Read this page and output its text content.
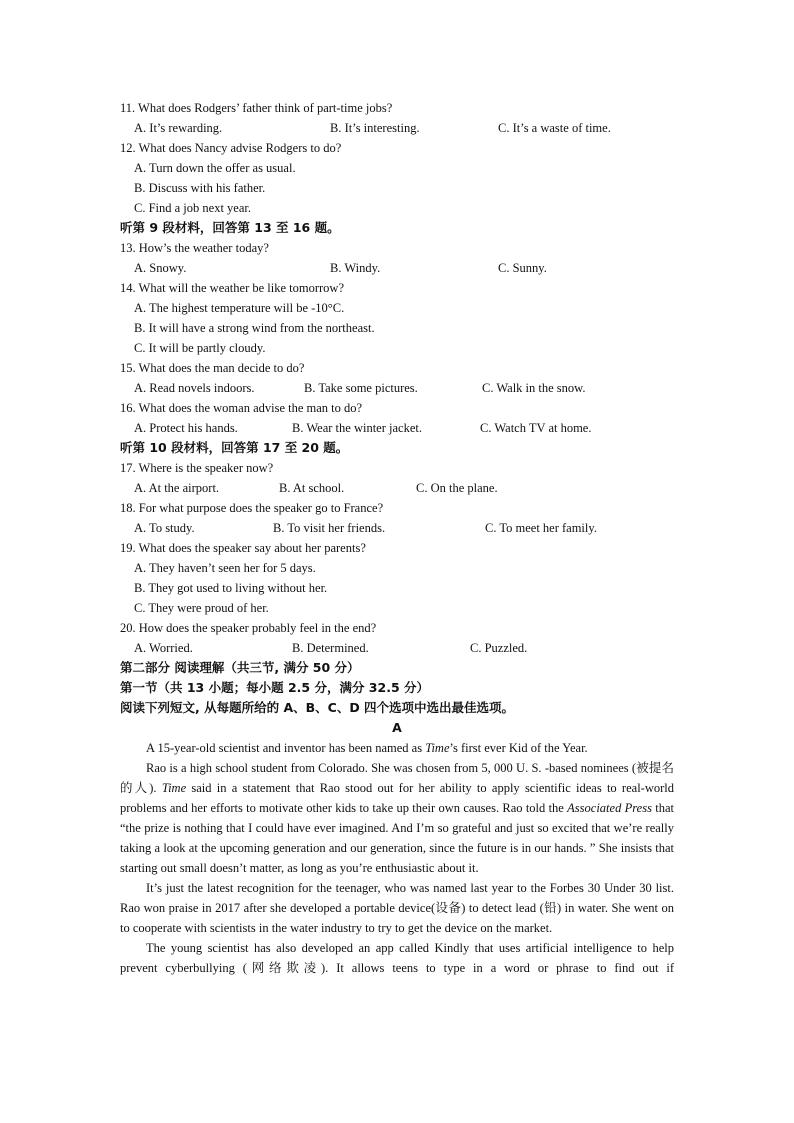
11. What does Rodgers’ father think of part-time jobs?
A. It’s rewarding.	B. It’s interesting.	C. It’s a waste of time.
12. What does Nancy advise Rodgers to do?
A. Turn down the offer as usual.
B. Discuss with his father.
C. Find a job next year.
听第 9 段材料，回答第 13 至 16 题。
13. How’s the weather today?
A. Snowy.	B. Windy.	C. Sunny.
14. What will the weather be like tomorrow?
A. The highest temperature will be -10°C.
B. It will have a strong wind from the northeast.
C. It will be partly cloudy.
15. What does the man decide to do?
A. Read novels indoors.	B. Take some pictures.	C. Walk in the snow.
16. What does the woman advise the man to do?
A. Protect his hands.	B. Wear the winter jacket.	C. Watch TV at home.
听第 10 段材料，回答第 17 至 20 题。
17. Where is the speaker now?
A. At the airport.	B. At school.	C. On the plane.
18. For what purpose does the speaker go to France?
A. To study.	B. To visit her friends.	C. To meet her family.
19. What does the speaker say about her parents?
A. They haven’t seen her for 5 days.
B. They got used to living without her.
C. They were proud of her.
20. How does the speaker probably feel in the end?
A. Worried.	B. Determined.	C. Puzzled.
第二部分 阅读理解（共三节, 满分 50 分）
第一节（共 13 小题；每小题 2.5 分，满分 32.5 分）
阅读下列短文, 从每题所给的 A、B、C、D 四个选项中选出最佳选项。
A

A 15-year-old scientist and inventor has been named as Time’s first ever Kid of the Year.

Rao is a high school student from Colorado. She was chosen from 5, 000 U. S. -based nominees (被提名的人). Time said in a statement that Rao stood out for her ability to apply scientific ideas to real-world problems and her efforts to motivate other kids to take up their own causes. Rao told the Associated Press that “the prize is nothing that I could have ever imagined. And I’m so grateful and just so excited that we’re really taking a look at the upcoming generation and our generation, since the future is in our hands. ” She insists that starting out small doesn’t matter, as long as you’re enthusiastic about it.

It’s just the latest recognition for the teenager, who was named last year to the Forbes 30 Under 30 list. Rao won praise in 2017 after she developed a portable device(设备) to detect lead (铅) in water. She went on to cooperate with scientists in the water industry to try to get the device on the market.

The young scientist has also developed an app called Kindly that uses artificial intelligence to help prevent cyberbullying (网络欺凌). It allows teens to type in a word or phrase to find out if
